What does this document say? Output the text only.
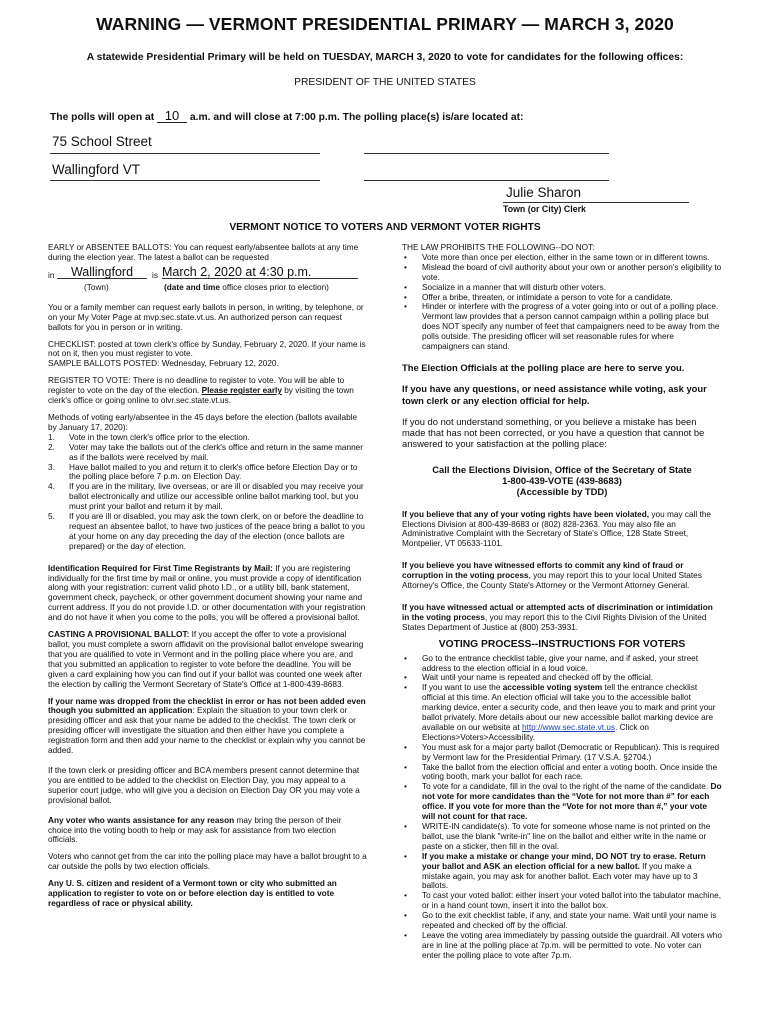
WARNING — VERMONT PRESIDENTIAL PRIMARY — MARCH 3, 2020
A statewide Presidential Primary will be held on TUESDAY, MARCH 3, 2020 to vote for candidates for the following offices:
PRESIDENT OF THE UNITED STATES
The polls will open at 10 a.m. and will close at 7:00 p.m. The polling place(s) is/are located at:
75 School Street
Wallingford VT
Julie Sharon
Town (or City) Clerk
VERMONT NOTICE TO VOTERS AND VERMONT VOTER RIGHTS

EARLY or ABSENTEE BALLOTS: You can request early/absentee ballots at any time during the election year. The latest a ballot can be requested

in	Wallingford	is March 2, 2020 at 4:30 p.m.
(Town)	(date and time office closes prior to election)

You or a family member can request early ballots in person, in writing, by telephone, or on your My Voter Page at mvp.sec.state.vt.us. An authorized person can request ballots for you in person or in writing.

CHECKLIST: posted at town clerk's office by Sunday, February 2, 2020. If your name is not on it, then you must register to vote.

SAMPLE BALLOTS POSTED: Wednesday, February 12, 2020.

REGISTER TO VOTE: There is no deadline to register to vote. You will be able to register to vote on the day of the election. Please register early by visiting the town clerk's office or going online to olvr.sec.state.vt.us.

Methods of voting early/absentee in the 45 days before the election (ballots available by January 17, 2020):

1. Vote in the town clerk's office prior to the election.
2. Voter may take the ballots out of the clerk's office and return in the same manner as if the ballots were received by mail.
3. Have ballot mailed to you and return it to clerk's office before Election Day or to the polling place before 7 p.m. on Election Day.
4. If you are in the military, live overseas, or are ill or disabled you may receive your ballot electronically and utilize our accessible online ballot marking tool, but you must print your ballot and return it by mail.
5. If you are ill or disabled, you may ask the town clerk, on or before the deadline to request an absentee ballot, to have two justices of the peace bring a ballot to you at your home on any day preceding the day of the election (once ballots are prepared) or the day of election.

Identification Required for First Time Registrants by Mail: If you are registering individually for the first time by mail or online, you must provide a copy of identification along with your registration: current valid photo I.D., or a utility bill, bank statement, government check, paycheck, or other government document showing your name and current address. If you do not provide I.D. or other documentation with your registration and do not have it when you come to the polls, you will be offered a provisional ballot.

CASTING A PROVISIONAL BALLOT: If you accept the offer to vote a provisional ballot, you must complete a sworn affidavit on the provisional ballot envelope swearing that you are qualified to vote in Vermont and in the polling place where you are, and that you submitted an application to register to vote before the deadline. You will be given a card explaining how you can find out if your ballot was counted one week after the election by calling the Vermont Secretary of State's Office at 1-800-439-8683.

If your name was dropped from the checklist in error or has not been added even though you submitted an application: Explain the situation to your town clerk or presiding officer and ask that your name be added to the checklist. The town clerk or presiding officer will investigate the situation and then either have you complete a registration form and then add your name to the checklist or explain why you cannot be added.

If the town clerk or presiding officer and BCA members present cannot determine that you are entitled to be added to the checklist on Election Day, you may appeal to a superior court judge, who will give you a decision on Election Day OR you may vote a provisional ballot.

Any voter who wants assistance for any reason may bring the person of their choice into the voting booth to help or may ask for assistance from two election officials.

Voters who cannot get from the car into the polling place may have a ballot brought to a car outside the polls by two election officials.

Any U. S. citizen and resident of a Vermont town or city who submitted an application to register to vote on or before election day is entitled to vote regardless of race or physical ability.

THE LAW PROHIBITS THE FOLLOWING--DO NOT:

• Vote more than once per election, either in the same town or in different towns.
• Mislead the board of civil authority about your own or another person's eligibility to vote.
• Socialize in a manner that will disturb other voters.
• Offer a bribe, threaten, or intimidate a person to vote for a candidate.
• Hinder or interfere with the progress of a voter going into or out of a polling place. Vermont law provides that a person cannot campaign within a polling place but does NOT specify any number of feet that campaigners need to be away from the polls outside. The presiding officer will set reasonable rules for where campaigners can stand.

The Election Officials at the polling place are here to serve you.

If you have any questions, or need assistance while voting, ask your town clerk or any election official for help.

If you do not understand something, or you believe a mistake has been made that has not been corrected, or you have a question that cannot be answered to your satisfaction at the polling place:

Call the Elections Division, Office of the Secretary of State
1-800-439-VOTE (439-8683)
(Accessible by TDD)

If you believe that any of your voting rights have been violated, you may call the Elections Division at 800-439-8683 or (802) 828-2363. You may also file an Administrative Complaint with the Secretary of State's Office, 128 State Street, Montpelier, VT 05633-1101.

If you believe you have witnessed efforts to commit any kind of fraud or corruption in the voting process, you may report this to your local United States Attorney's Office, the County State's Attorney or the Vermont Attorney General.

If you have witnessed actual or attempted acts of discrimination or intimidation in the voting process, you may report this to the Civil Rights Division of the United States Department of Justice at (800) 253-3931.

VOTING PROCESS--INSTRUCTIONS FOR VOTERS
• Go to the entrance checklist table, give your name, and if asked, your street address to the election official in a loud voice.
• Wait until your name is repeated and checked off by the official.
• If you want to use the accessible voting system tell the entrance checklist official at this time. An election official will take you to the accessible ballot marking device, enter a security code, and then leave you to mark and print your ballot privately. More details about our new accessible ballot marking device are available on our website at http://www.sec.state.vt.us. Click on Elections>Voters>Accessibility.
• You must ask for a major party ballot (Democratic or Republican). This is required by Vermont law for the Presidential Primary. (17 V.S.A. §2704.)
• Take the ballot from the election official and enter a voting booth. Once inside the voting booth, mark your ballot for each race.
• To vote for a candidate, fill in the oval to the right of the name of the candidate. Do not vote for more candidates than the “Vote for not more than #” for each office. If you vote for more than the “Vote for not more than #,” your vote will not count for that race.
• WRITE-IN candidate(s). To vote for someone whose name is not printed on the ballot, use the blank "write-in" line on the ballot and either write in the name or paste on a sticker, then fill in the oval.
• If you make a mistake or change your mind, DO NOT try to erase. Return your ballot and ASK an election official for a new ballot. If you make a mistake again, you may ask for another ballot. Each voter may have up to 3 ballots.
• To cast your voted ballot: either insert your voted ballot into the tabulator machine, or in a hand count town, insert it into the ballot box.
• Go to the exit checklist table, if any, and state your name. Wait until your name is repeated and checked off by the official.
• Leave the voting area immediately by passing outside the guardrail. All voters who are in line at the polling place at 7p.m. will be permitted to vote. No voter can enter the polling place to vote after 7p.m.
